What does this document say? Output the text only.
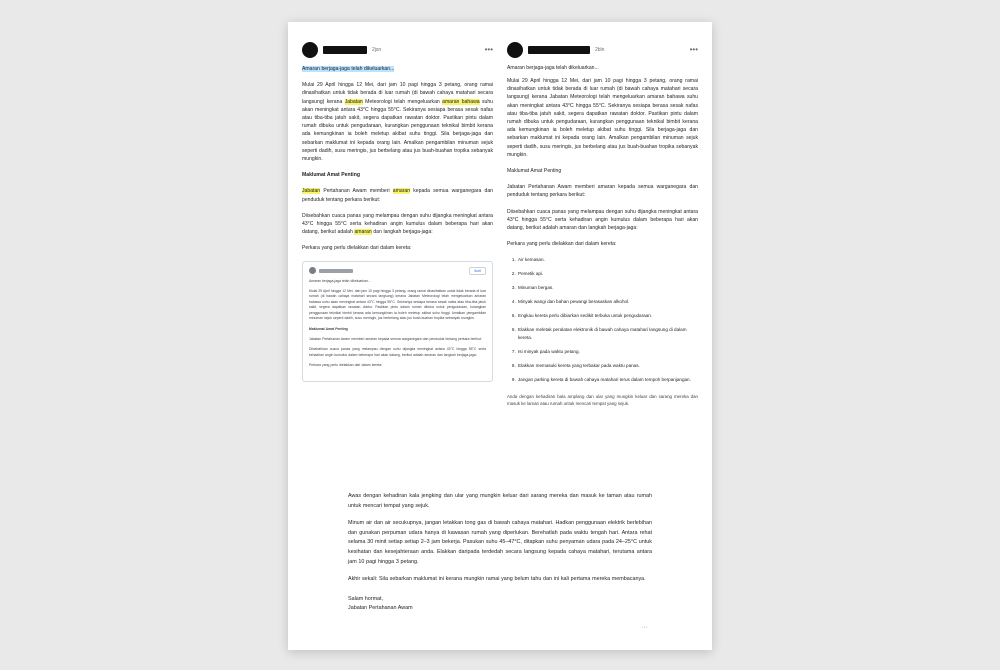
2jsn	•••

Amaran berjaga-jaga telah dikeluarkan...

Mulai 29 April hingga 12 Mei, dari jam 10 pagi hingga 3 petang, orang ramai dinasihatkan untuk tidak berada di luar rumah (di bawah cahaya matahari secara langsung) kerana Jabatan Meteorologi telah mengeluarkan amaran bahawa suhu akan meningkat antara 43°C hingga 55°C. Sekiranya sesiapa berasa sesak nafas atau tiba-tiba jatuh sakit, segera dapatkan rawatan doktor. Pastikan pintu dalam rumah dibuka untuk pengudaraan, kurangkan penggunaan teknikal bimbit kerana ada kemungkinan ia boleh meletup akibat suhu tinggi. Sila berjaga-jaga dan sebarkan maklumat ini kepada orang lain. Amalkan pengambilan minuman sejuk seperti dadih, susu meringis, jus berbelang atau jus buah-buahan tropika sebanyak mungkin.

Maklumat Amat Penting

Jabatan Pertahanan Awam memberi amaran kepada semua warganegara dan penduduk tentang perkara berikut:

Diisebahkan cuaca panas yang melampau dengan suhu dijangka meningkat antara 43°C hingga 55°C serta kehadiran angin kumulus dalam beberapa hari akan datang, berikut adalah amaran dan langkah berjaga-jaga:

Perkara yang perlu dielakkan dari dalam kereta:

Ikuti

Amaran berjaga-jaga telah dikeluarkan...

Mulai 29 April hingga 12 Mei, dari jam 10 pagi hingga 3 petang, orang ramai dinasihatkan untuk tidak berada di luar rumah (di bawah cahaya matahari secara langsung) kerana Jabatan Meteorologi telah mengeluarkan amaran bahawa suhu akan meningkat antara 43°C hingga 55°C. Sekiranya sesiapa berasa sesak nafas atau tiba-tiba jatuh sakit, segera dapatkan rawatan doktor. Pastikan pintu dalam rumah dibuka untuk pengudaraan, kurangkan penggunaan teknikal bimbit kerana ada kemungkinan ia boleh meletup akibat suhu tinggi. Amalkan pengambilan minuman sejuk seperti dadih, susu meringis, jus berbelang atau jus buah-buahan tropika sebanyak mungkin.

Maklumat Amat Penting

Jabatan Pertahanan Awam memberi amaran kepada semua warganegara dan penduduk tentang perkara berikut:

Diisebahkan cuaca panas yang melampau dengan suhu dijangka meningkat antara 43°C hingga 55°C serta kehadiran angin kumulus dalam beberapa hari akan datang, berikut adalah amaran dan langkah berjaga-jaga:

Perkara yang perlu dielakkan dari dalam kereta:

2bln	•••

Amaran berjaga-jaga telah dikeluarkan...

Mulai 29 April hingga 12 Mei, dari jam 10 pagi hingga 3 petang, orang ramai dinasihatkan untuk tidak berada di luar rumah (di bawah cahaya matahari secara langsung) kerana Jabatan Meteorologi telah mengeluarkan amaran bahawa suhu akan meningkat antara 43°C hingga 55°C. Sekiranya sesiapa berasa sesak nafas atau tiba-tiba jatuh sakit, segera dapatkan rawatan doktor. Pastikan pintu dalam rumah dibuka untuk pengudaraan, kurangkan penggunaan teknikal bimbit kerana ada kemungkinan ia boleh meletup akibat suhu tinggi. Sila berjaga-jaga dan sebarkan maklumat ini kepada orang lain. Amalkan pengambilan minuman sejuk seperti dadih, susu meringis, jus berbelang atau jus buah-buahan tropika sebanyak mungkin.

Maklumat Amat Penting

Jabatan Pertahanan Awam memberi amaran kepada semua warganegara dan penduduk tentang perkara berikut:

Diisebahkan cuaca panas yang melampau dengan suhu dijangka meningkat antara 43°C hingga 55°C serta kehadiran angin kumulus dalam beberapa hari akan datang, berikut adalah amaran dan langkah berjaga-jaga:

Perkara yang perlu dielakkan dari dalam kereta:

1. Air kemasan.
2. Pemetik api.
3. Minuman bergas.
4. Minyak wangi dan bahan pewangi berasaskan alkohol.
5. Engkau kereta perlu dibiarkan sedikit terbuka untuk pengudaraan.
6. Elakkan meletak peralatan elektronik di bawah cahaya matahari langsung di dalam kereta.
7. Isi minyak pada waktu petang.
8. Elakkan memasuki kereta yang terbakar pada waktu panas.
9. Jangan parking kereta di bawah cahaya matahari terus dalam tempoh berpanjangan.

Anda dengan kehadiran bala amplang dan ular yang mungkin keluar dan sarang mereka dan masuk ke laman atau rumah untuk mencari tempat yang sejuk.

Awas dengan kehadiran kala jengking dan ular yang mungkin keluar dari sarang mereka dan masuk ke taman atau rumah untuk mencari tempat yang sejuk.

Minum air dan air secukupnya, jangan letakkan tong gas di bawah cahaya matahari. Hadkan penggunaan elektrik berlebihan dan gunakan perpuman udara hanya di kawasan rumah yang diperlukan. Berehatlah pada waktu tengah hari. Antara rehat selama 30 minit setiap setiap 2–3 jam bekerja. Pasukan suhu 45–47°C, ditapkan suhu penyaman udara pada 24–25°C untuk kesihatan dan kesejahteraan anda. Elakkan daripada terdedah secara langsung kepada cahaya matahari, terutama antara jam 10 pagi hingga 3 petang.

Akhir sekali: Sila sebarkan maklumat ini kerana mungkin ramai yang belum tahu dan ini kali pertama mereka membacanya.

Salam hormat,
Jabatan Pertahanan Awam
···
